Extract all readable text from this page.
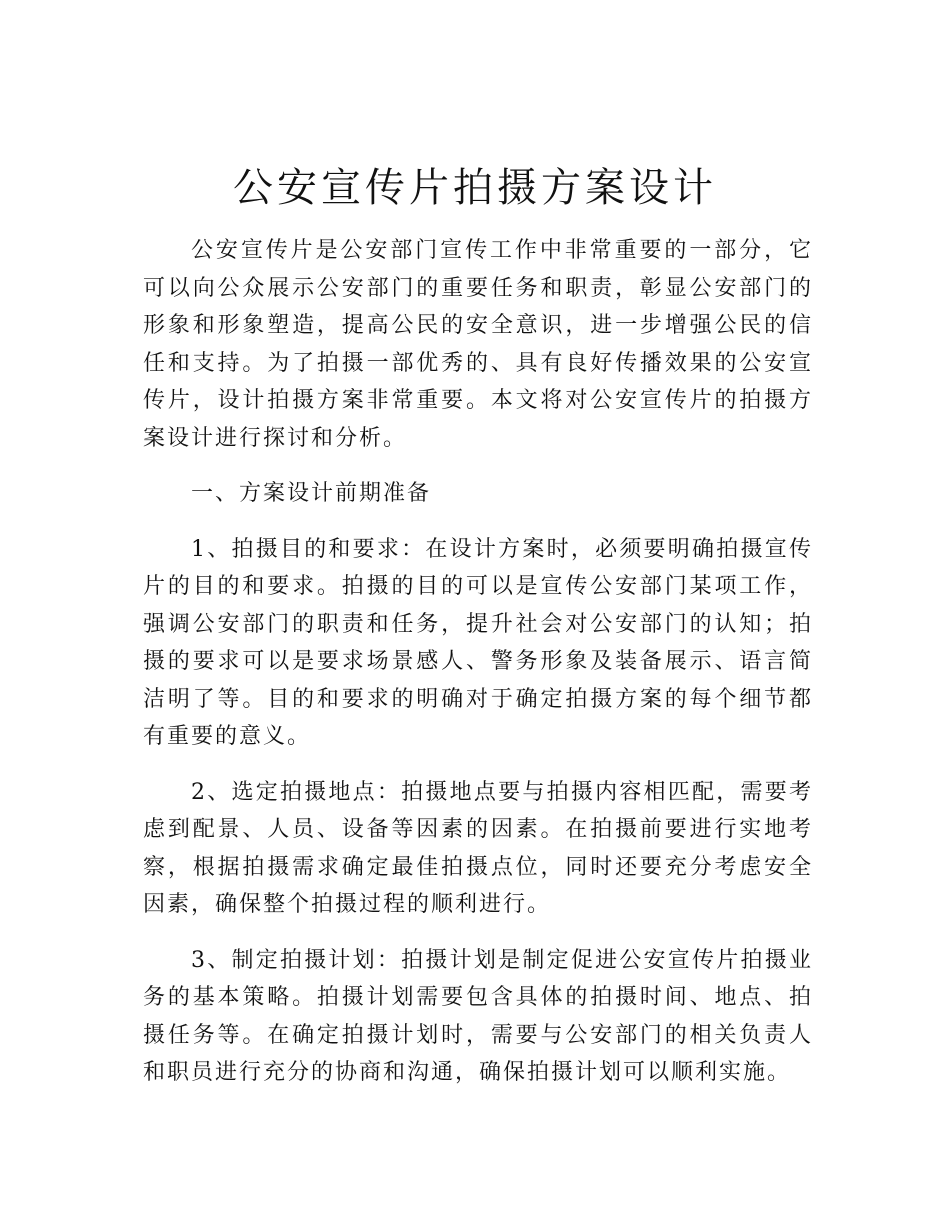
公安宣传片拍摄方案设计

公安宣传片是公安部门宣传工作中非常重要的一部分，它可以向公众展示公安部门的重要任务和职责，彰显公安部门的形象和形象塑造，提高公民的安全意识，进一步增强公民的信任和支持。为了拍摄一部优秀的、具有良好传播效果的公安宣传片，设计拍摄方案非常重要。本文将对公安宣传片的拍摄方案设计进行探讨和分析。

一、方案设计前期准备

1、拍摄目的和要求：在设计方案时，必须要明确拍摄宣传片的目的和要求。拍摄的目的可以是宣传公安部门某项工作，强调公安部门的职责和任务，提升社会对公安部门的认知；拍摄的要求可以是要求场景感人、警务形象及装备展示、语言简洁明了等。目的和要求的明确对于确定拍摄方案的每个细节都有重要的意义。

2、选定拍摄地点：拍摄地点要与拍摄内容相匹配，需要考虑到配景、人员、设备等因素的因素。在拍摄前要进行实地考察，根据拍摄需求确定最佳拍摄点位，同时还要充分考虑安全因素，确保整个拍摄过程的顺利进行。

3、制定拍摄计划：拍摄计划是制定促进公安宣传片拍摄业务的基本策略。拍摄计划需要包含具体的拍摄时间、地点、拍摄任务等。在确定拍摄计划时，需要与公安部门的相关负责人和职员进行充分的协商和沟通，确保拍摄计划可以顺利实施。
